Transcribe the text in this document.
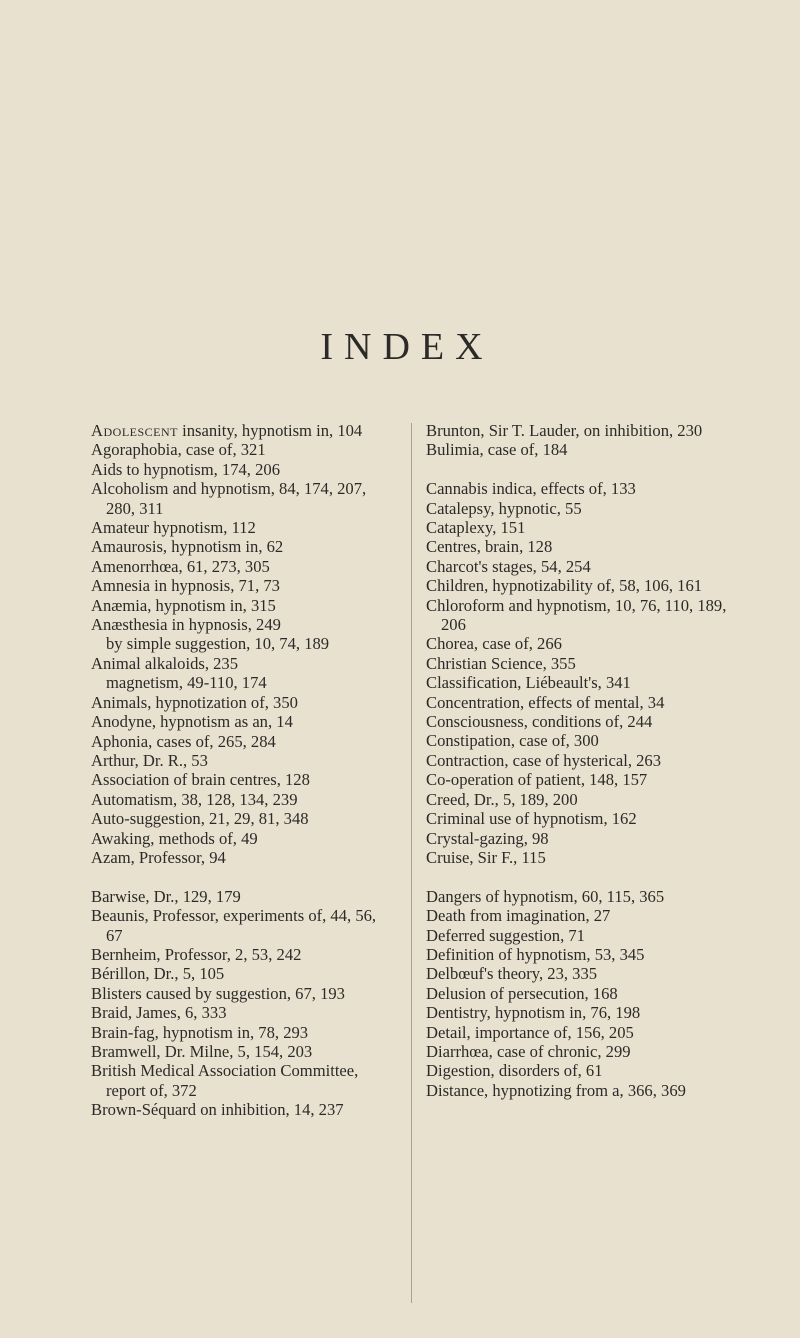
INDEX
Adolescent insanity, hypnotism in, 104
Agoraphobia, case of, 321
Aids to hypnotism, 174, 206
Alcoholism and hypnotism, 84, 174, 207, 280, 311
Amateur hypnotism, 112
Amaurosis, hypnotism in, 62
Amenorrhœa, 61, 273, 305
Amnesia in hypnosis, 71, 73
Anæmia, hypnotism in, 315
Anæsthesia in hypnosis, 249
by simple suggestion, 10, 74, 189
Animal alkaloids, 235
magnetism, 49-110, 174
Animals, hypnotization of, 350
Anodyne, hypnotism as an, 14
Aphonia, cases of, 265, 284
Arthur, Dr. R., 53
Association of brain centres, 128
Automatism, 38, 128, 134, 239
Auto-suggestion, 21, 29, 81, 348
Awaking, methods of, 49
Azam, Professor, 94
Barwise, Dr., 129, 179
Beaunis, Professor, experiments of, 44, 56, 67
Bernheim, Professor, 2, 53, 242
Bérillon, Dr., 5, 105
Blisters caused by suggestion, 67, 193
Braid, James, 6, 333
Brain-fag, hypnotism in, 78, 293
Bramwell, Dr. Milne, 5, 154, 203
British Medical Association Committee, report of, 372
Brown-Séquard on inhibition, 14, 237
Brunton, Sir T. Lauder, on inhibition, 230
Bulimia, case of, 184
Cannabis indica, effects of, 133
Catalepsy, hypnotic, 55
Cataplexy, 151
Centres, brain, 128
Charcot's stages, 54, 254
Children, hypnotizability of, 58, 106, 161
Chloroform and hypnotism, 10, 76, 110, 189, 206
Chorea, case of, 266
Christian Science, 355
Classification, Liébeault's, 341
Concentration, effects of mental, 34
Consciousness, conditions of, 244
Constipation, case of, 300
Contraction, case of hysterical, 263
Co-operation of patient, 148, 157
Creed, Dr., 5, 189, 200
Criminal use of hypnotism, 162
Crystal-gazing, 98
Cruise, Sir F., 115
Dangers of hypnotism, 60, 115, 365
Death from imagination, 27
Deferred suggestion, 71
Definition of hypnotism, 53, 345
Delbœuf's theory, 23, 335
Delusion of persecution, 168
Dentistry, hypnotism in, 76, 198
Detail, importance of, 156, 205
Diarrhœa, case of chronic, 299
Digestion, disorders of, 61
Distance, hypnotizing from a, 366, 369
